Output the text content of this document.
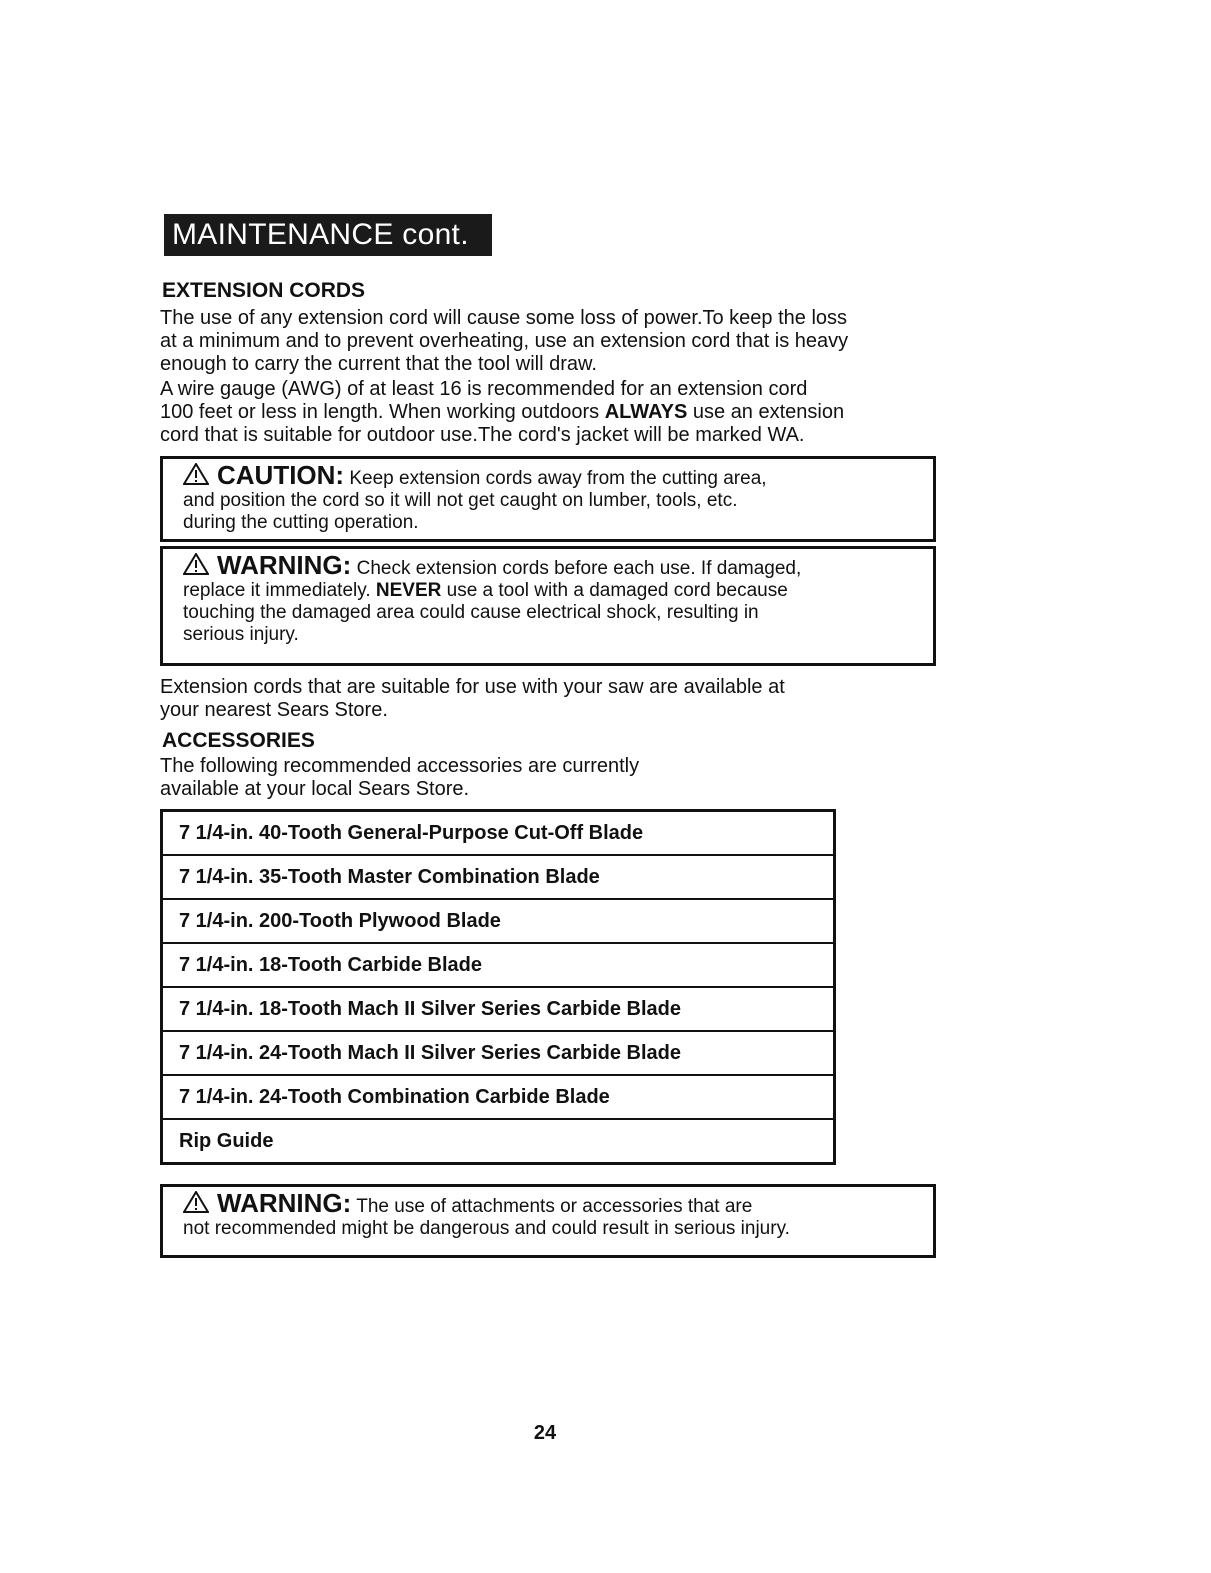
MAINTENANCE cont.
EXTENSION CORDS
The use of any extension cord will cause some loss of power.To keep the loss
at a minimum and to prevent overheating, use an extension cord that is heavy
enough to carry the current that the tool will draw.
A wire gauge (AWG) of at least 16 is recommended for an extension cord
100 feet or less in length. When working outdoors ALWAYS use an extension
cord that is suitable for outdoor use.The cord's jacket will be marked WA.
CAUTION: Keep extension cords away from the cutting area,
and position the cord so it will not get caught on lumber, tools, etc.
during the cutting operation.
WARNING: Check extension cords before each use. If damaged,
replace it immediately. NEVER use a tool with a damaged cord because
touching the damaged area could cause electrical shock, resulting in
serious injury.
Extension cords that are suitable for use with your saw are available at
your nearest Sears Store.
ACCESSORIES
The following recommended accessories are currently
available at your local Sears Store.
7 1/4-in. 40-Tooth General-Purpose Cut-Off Blade
7 1/4-in. 35-Tooth Master Combination Blade
7 1/4-in. 200-Tooth Plywood Blade
7 1/4-in. 18-Tooth Carbide Blade
7 1/4-in. 18-Tooth Mach II Silver Series Carbide Blade
7 1/4-in. 24-Tooth Mach II Silver Series Carbide Blade
7 1/4-in. 24-Tooth Combination Carbide Blade
Rip Guide
WARNING: The use of attachments or accessories that are
not recommended might be dangerous and could result in serious injury.
24
